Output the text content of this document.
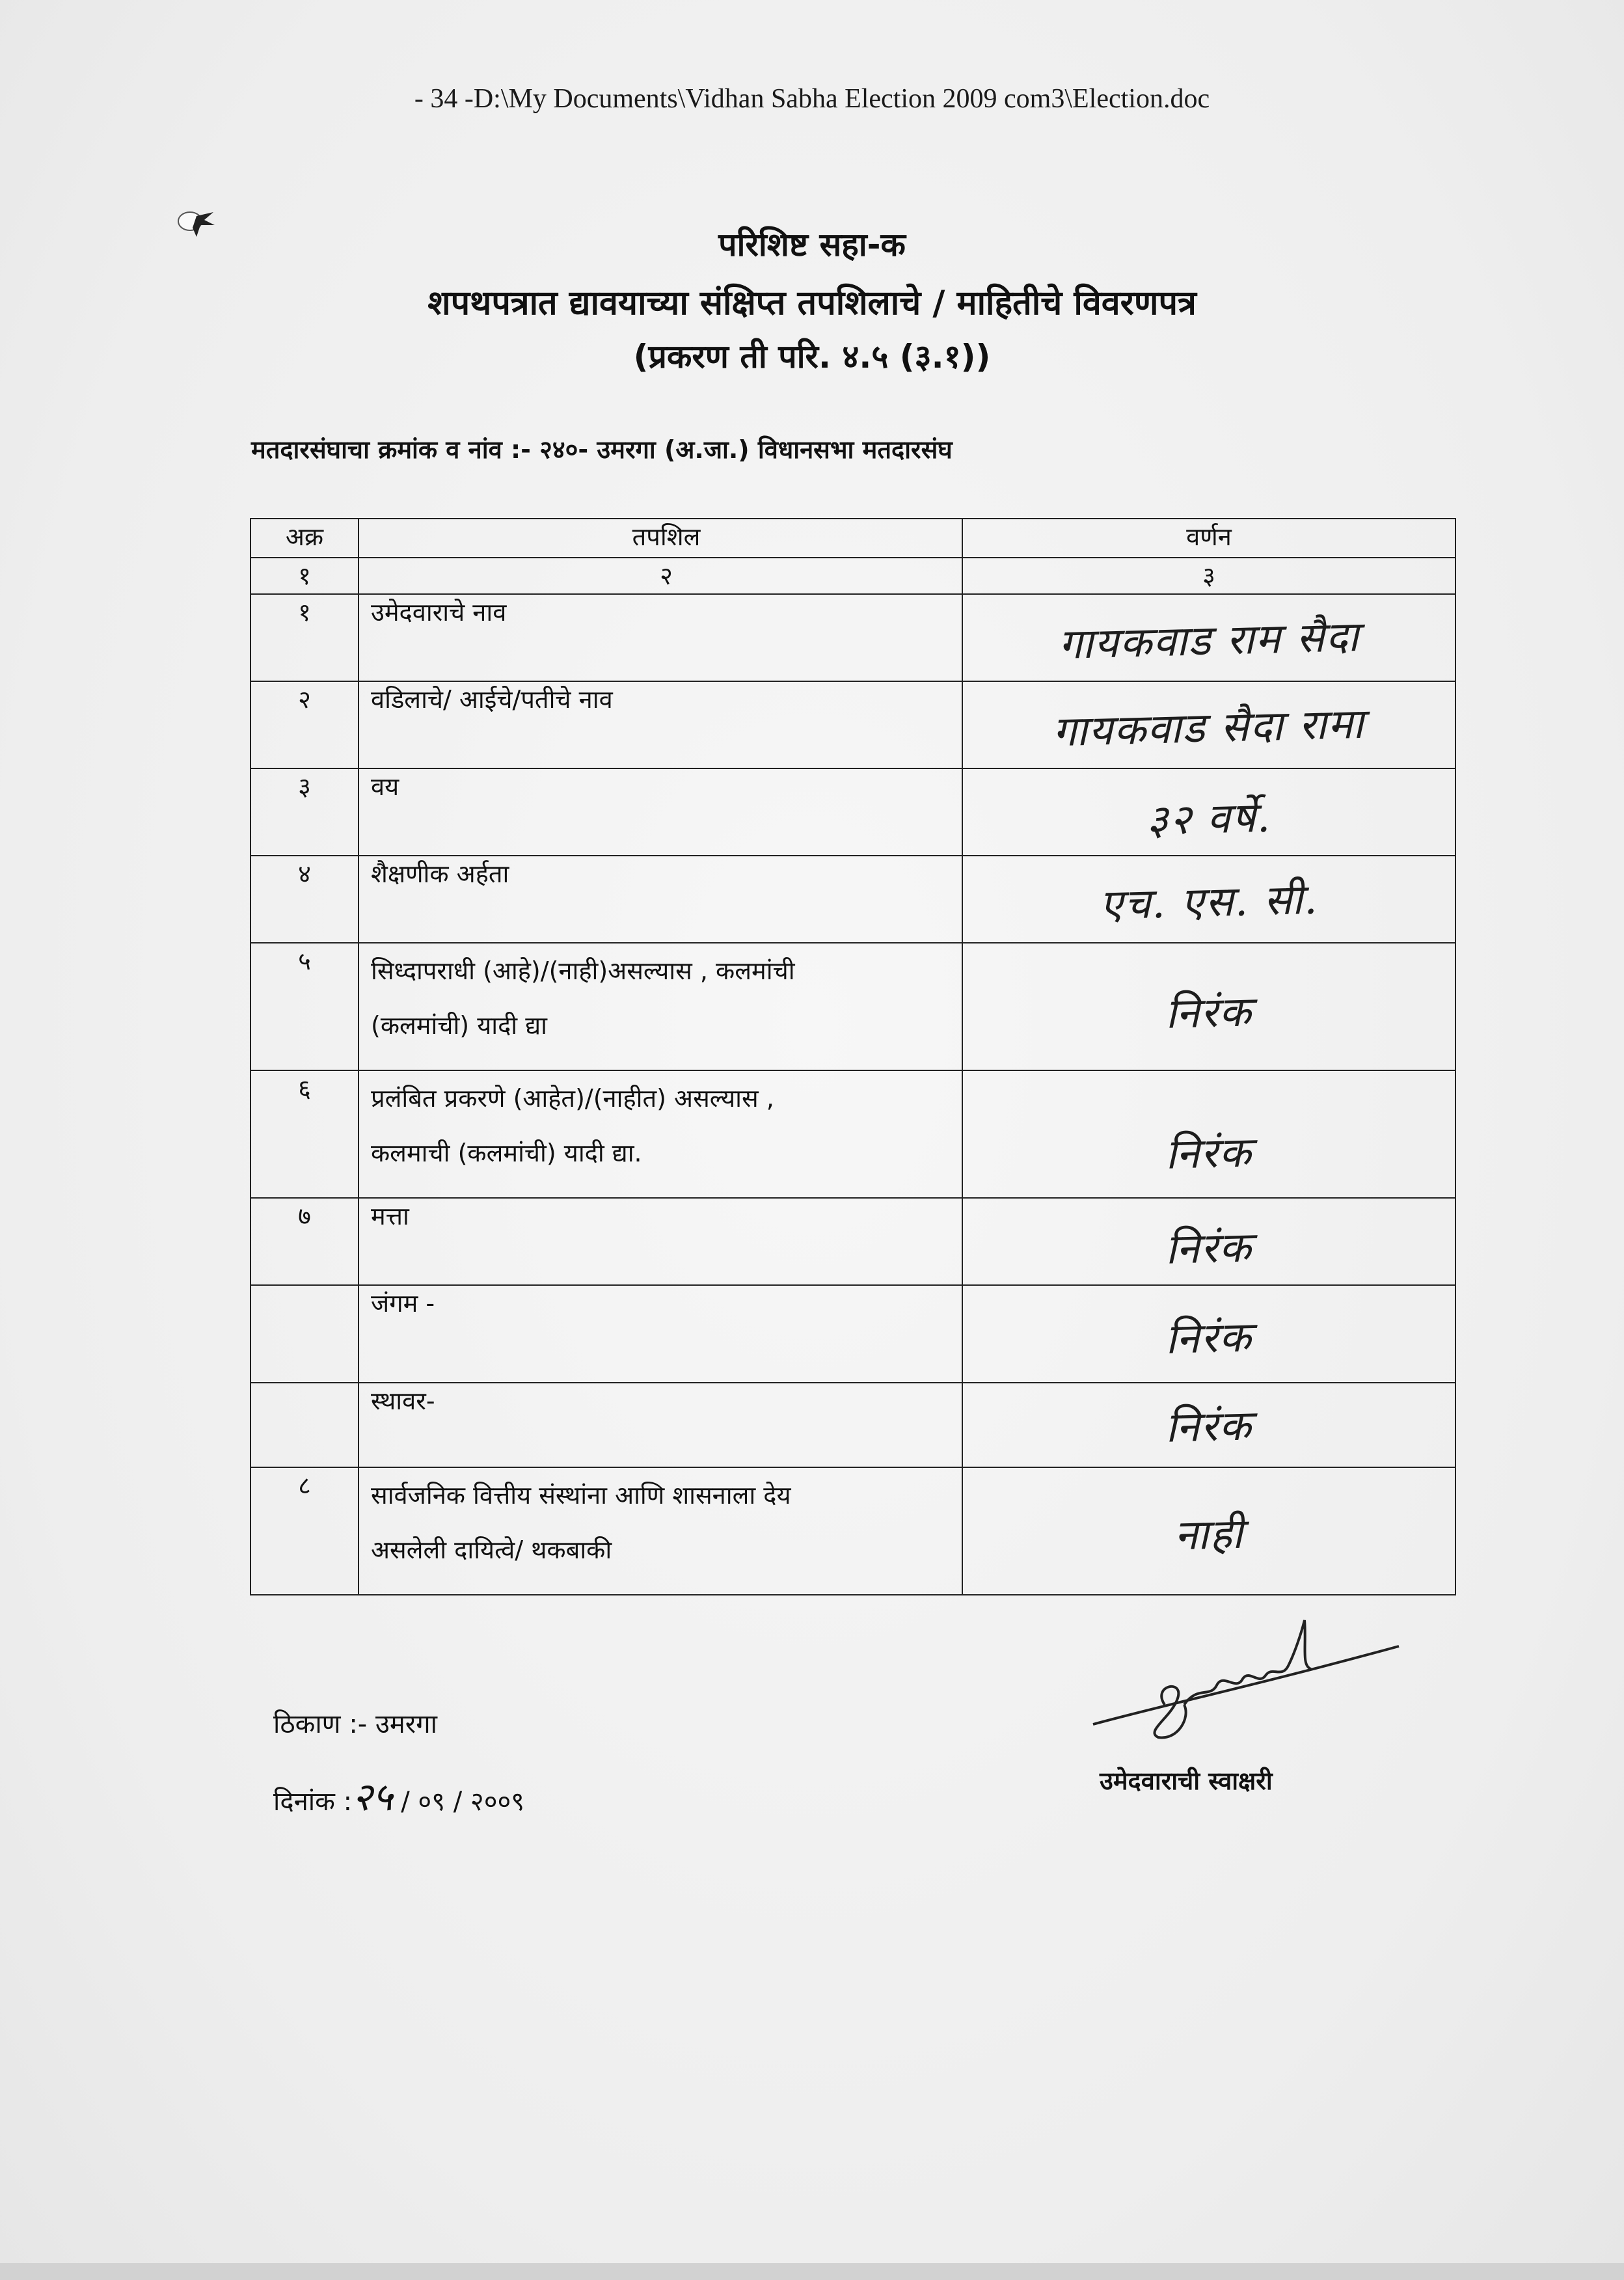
- 34 -D:\My Documents\Vidhan Sabha Election 2009 com3\Election.doc
परिशिष्ट सहा-क
शपथपत्रात द्यावयाच्या संक्षिप्त तपशिलाचे / माहितीचे विवरणपत्र
(प्रकरण ती परि. ४.५ (३.१))
मतदारसंघाचा क्रमांक व नांव :- २४०- उमरगा (अ.जा.) विधानसभा मतदारसंघ
अक्र	तपशिल	वर्णन
१	२	३
१	उमेदवाराचे नाव	गायकवाड राम सैदा
२	वडिलाचे/ आईचे/पतीचे नाव	गायकवाड सैदा रामा
३	वय	३२ वर्षे.
४	शैक्षणीक अर्हता	एच. एस. सी.
५	सिध्दापराधी (आहे)/(नाही)असल्यास , कलमांची
(कलमांची) यादी द्या	निरंक
६	प्रलंबित प्रकरणे (आहेत)/(नाहीत) असल्यास ,
कलमाची (कलमांची) यादी द्या.	निरंक
७	मत्ता	निरंक
	जंगम -	निरंक
	स्थावर-	निरंक
८	सार्वजनिक वित्तीय संस्थांना आणि शासनाला देय
असलेली दायित्वे/ थकबाकी	नाही
ठिकाण :- उमरगा
दिनांक :२५ / ०९ / २००९
उमेदवाराची स्वाक्षरी
